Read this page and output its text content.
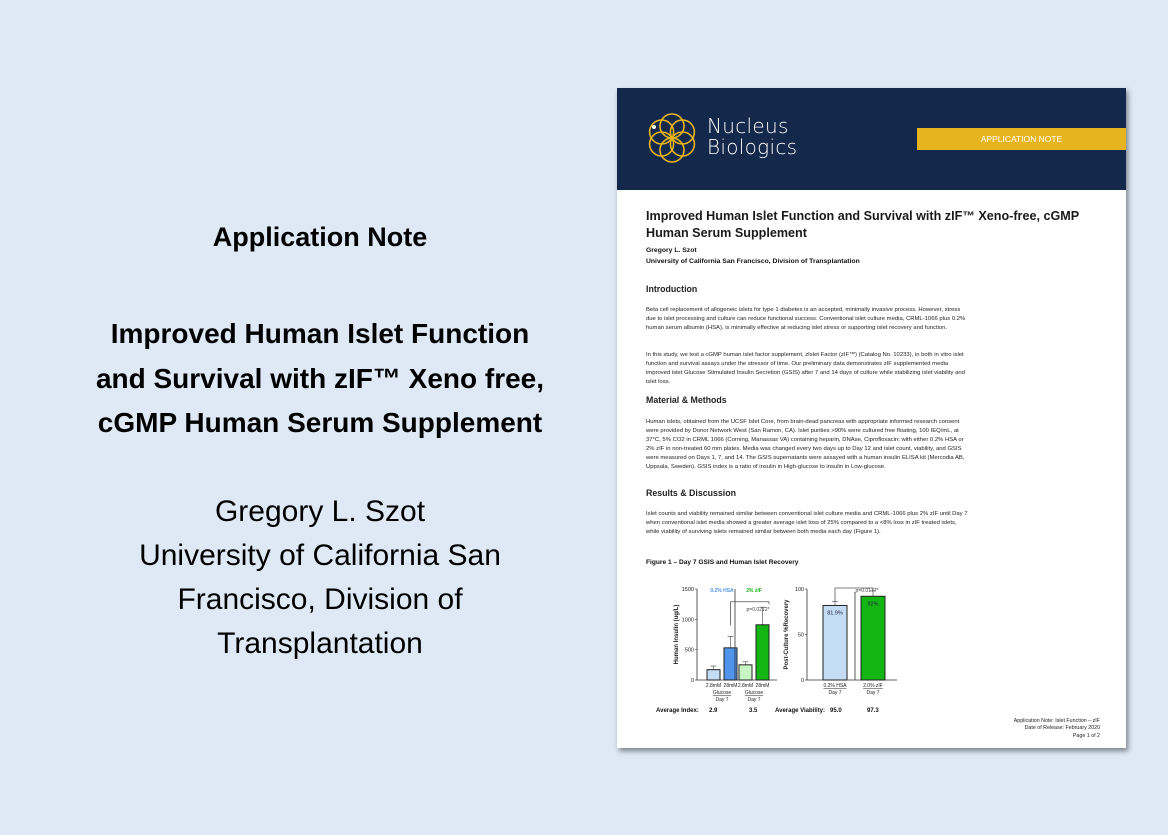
Application Note
Improved Human Islet Function
and Survival with zIF™ Xeno free,
cGMP Human Serum Supplement
Gregory L. Szot
University of California San
Francisco, Division of
Transplantation
Nucleus
Biologics	APPLICATION NOTE
Improved Human Islet Function and Survival with zIF™ Xeno-free, cGMP
Human Serum Supplement
Gregory L. Szot
University of California San Francisco, Division of Transplantation
Introduction
Beta cell replacement of allogeneic islets for type 1 diabetes is an accepted, minimally invasive process. However, stress due to islet processing and culture can reduce functional success. Conventional islet culture media, CRML-1066 plus 0.2% human serum albumin (HSA), is minimally effective at reducing islet stress or supporting islet recovery and function.
In this study, we test a cGMP human islet factor supplement, zIslet Factor (zIF™) (Catalog No. 10233), in both in vitro islet function and survival assays under the stressor of time. Our preliminary data demonstrates zIF supplemented media improved islet Glucose Stimulated Insulin Secretion (GSIS) after 7 and 14 days of culture while stabilizing islet viability and islet loss.
Material & Methods
Human islets, obtained from the UCSF Islet Core, from brain-dead pancreas with appropriate informed research consent were provided by Donor Network West (San Ramon, CA). Islet purities >90% were cultured free floating, 100 IEQ/mL, at 37°C, 5% CO2 in CRML 1066 (Corning, Manassas VA) containing heparin, DNAse, Ciprofloxacin; with either 0.2% HSA or 2% zIF in non-treated 60 mm plates. Media was changed every two days up to Day 12 and islet count, viability, and GSIS were measured on Days 1, 7, and 14. The GSIS supernatants were assayed with a human insulin ELISA kit (Mercodia AB, Uppsala, Sweden). GSIS index is a ratio of insulin in High-glucose to insulin in Low-glucose.
Results & Discussion
Islet counts and viability remained similar between conventional islet culture media and CRML-1066 plus 2% zIF until Day 7 when conventional islet media showed a greater average islet loss of 25% compared to a <8% loss in zIF treated islets, while viability of surviving islets remained similar between both media each day (Figure 1).
Figure 1 – Day 7 GSIS and Human Islet Recovery
0
500
1000
1500
Human Insulin (ug/L)
2.8mM 28mM 2.8mM 28mM
0.2% HSA	2% zIF
Glucose
Day 7
Glucose
Day 7
p=0.0212*
Average Index: 2.9	3.5
0
50
100
Post-Culture %Recovery	81.9%
0.2% HSA
92%
2.0% zIF
Day 7	Day 7
p=0.0177*
Average Viability: 95.0	97.3
Application Note: Islet Function – zIF
Date of Release: February 2020
Page 1 of 2
